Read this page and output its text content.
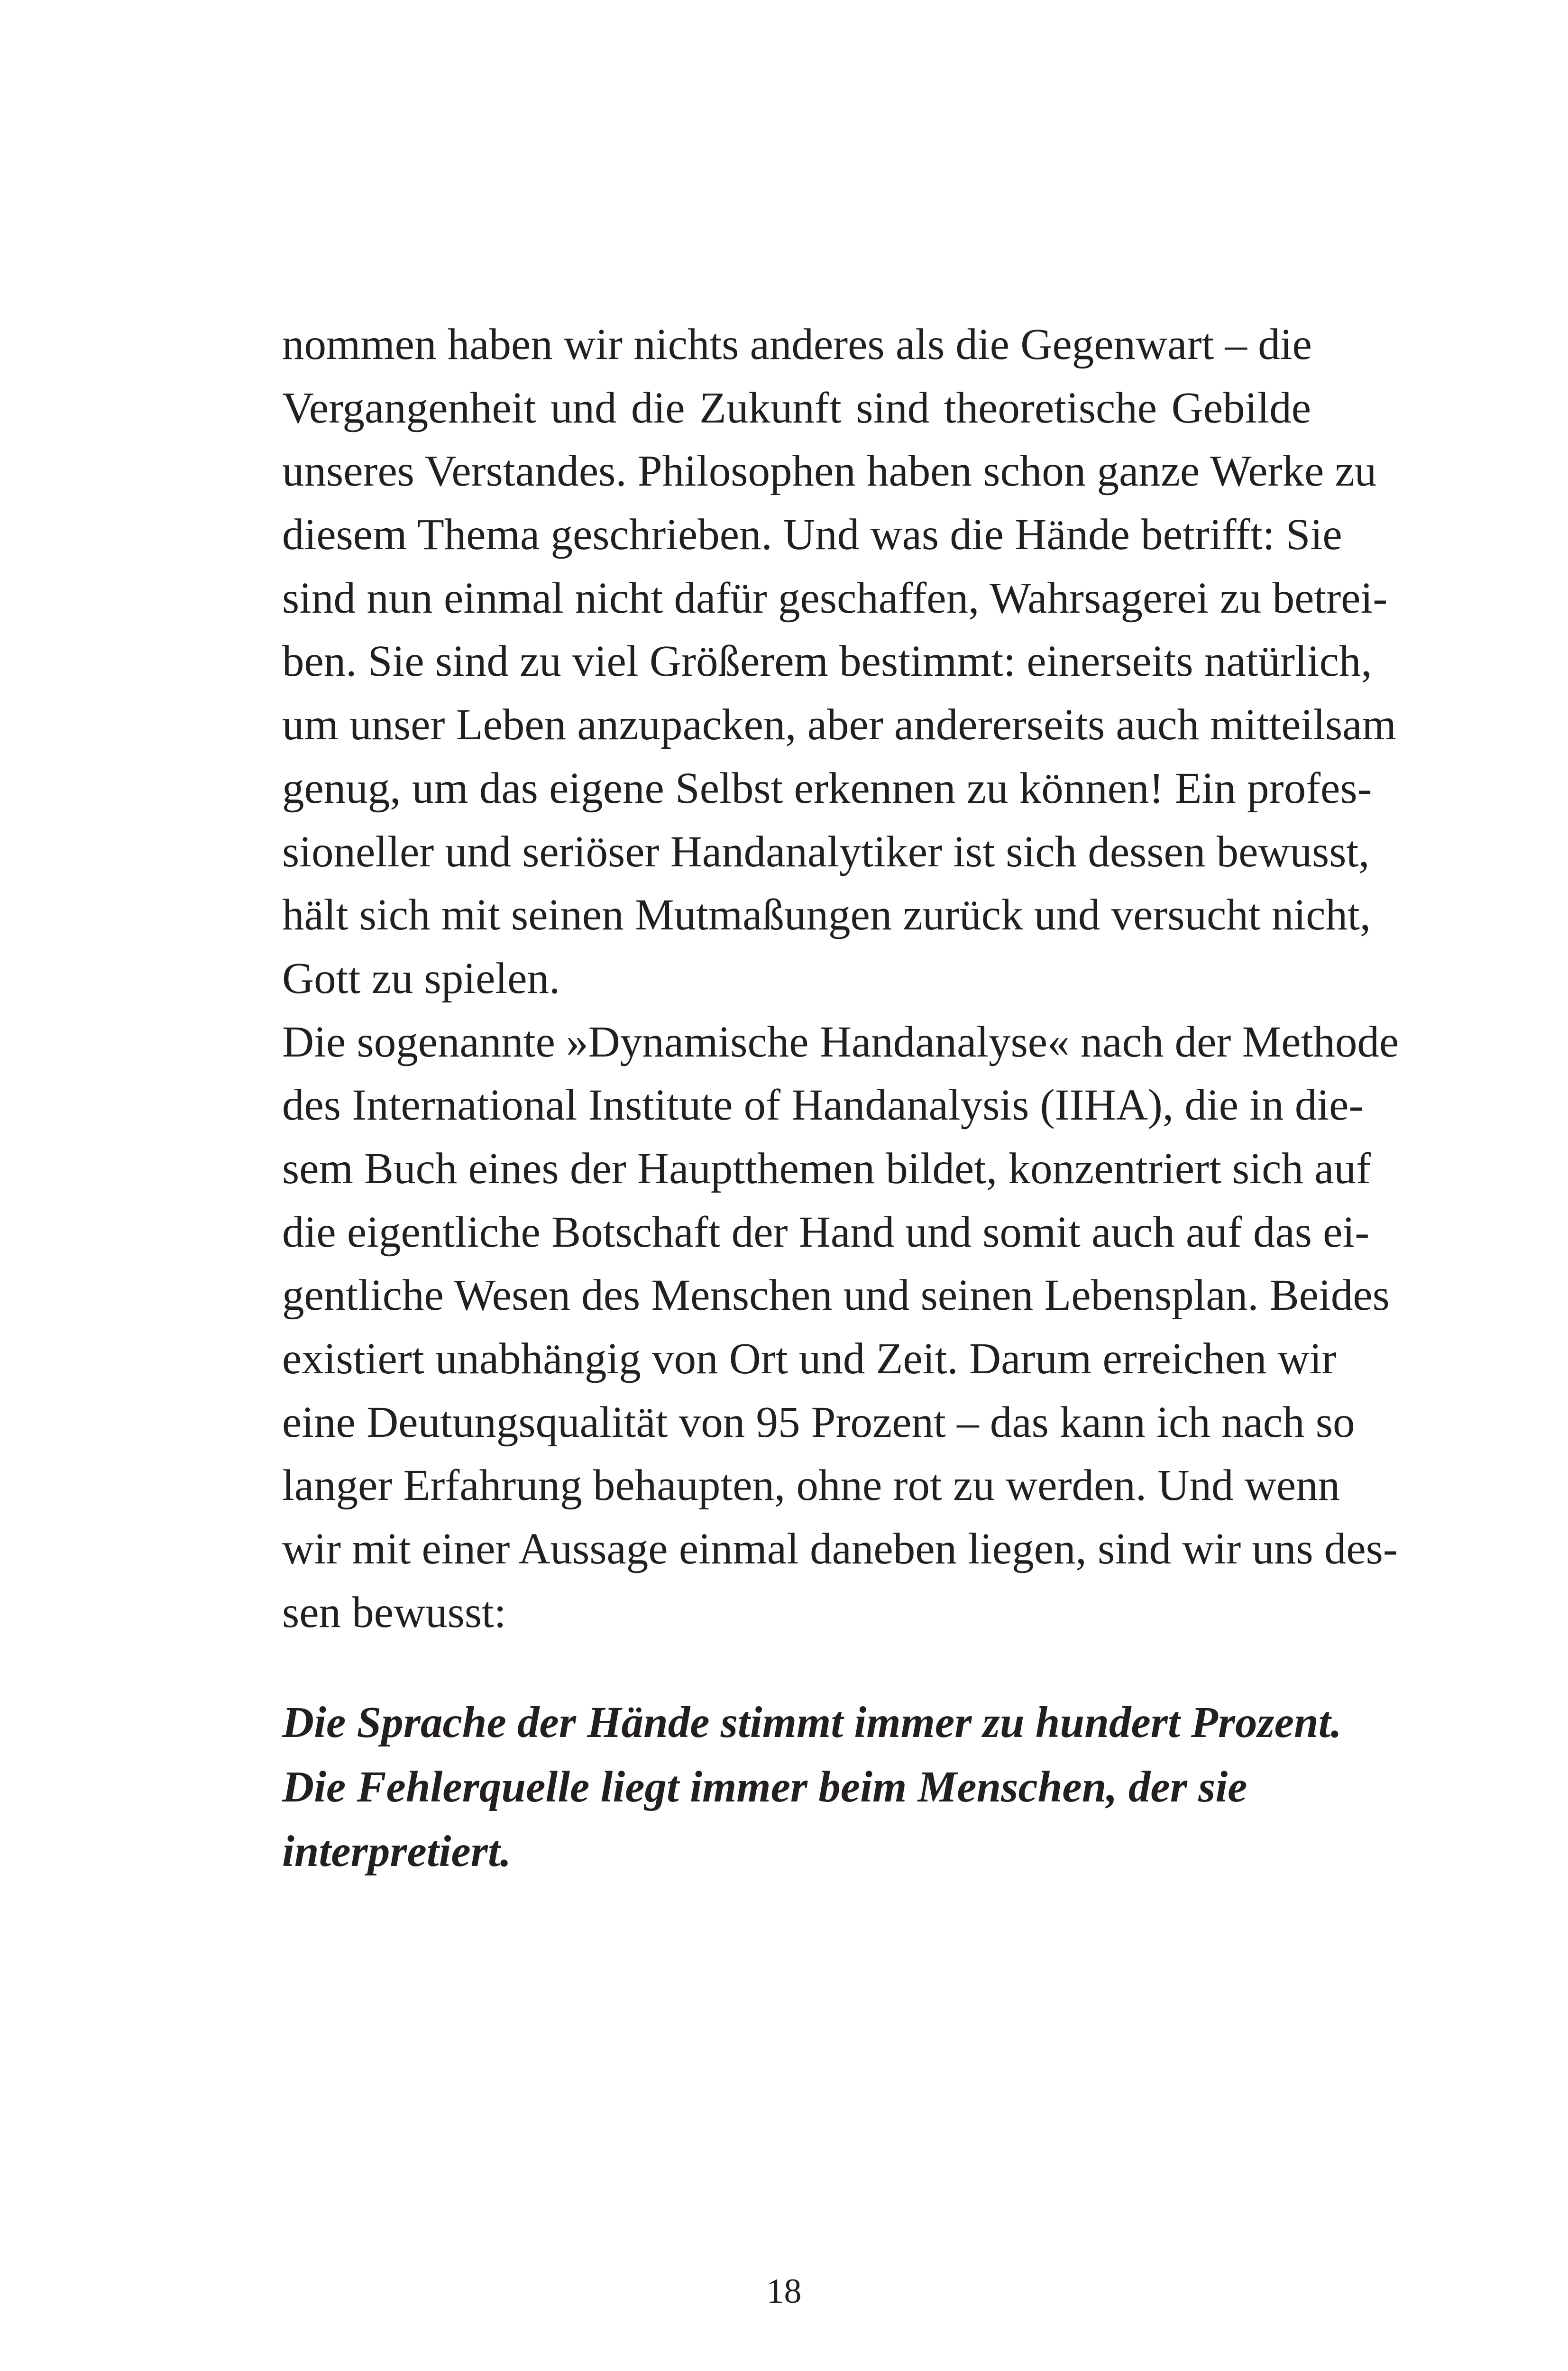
nommen haben wir nichts anderes als die Gegenwart – die
Vergangenheit und die Zukunft sind theoretische Gebilde
unseres Verstandes. Philosophen haben schon ganze Werke zu
diesem Thema geschrieben. Und was die Hände betrifft: Sie
sind nun einmal nicht dafür geschaffen, Wahrsagerei zu betrei-
ben. Sie sind zu viel Größerem bestimmt: einerseits natürlich,
um unser Leben anzupacken, aber andererseits auch mitteilsam
genug, um das eigene Selbst erkennen zu können! Ein profes-
sioneller und seriöser Handanalytiker ist sich dessen bewusst,
hält sich mit seinen Mutmaßungen zurück und versucht nicht,
Gott zu spielen.
Die sogenannte »Dynamische Handanalyse« nach der Methode
des International Institute of Handanalysis (IIHA), die in die-
sem Buch eines der Hauptthemen bildet, konzentriert sich auf
die eigentliche Botschaft der Hand und somit auch auf das ei-
gentliche Wesen des Menschen und seinen Lebensplan. Beides
existiert unabhängig von Ort und Zeit. Darum erreichen wir
eine Deutungsqualität von 95 Prozent – das kann ich nach so
langer Erfahrung behaupten, ohne rot zu werden. Und wenn
wir mit einer Aussage einmal daneben liegen, sind wir uns des-
sen bewusst:
Die Sprache der Hände stimmt immer zu hundert Prozent.
Die Fehlerquelle liegt immer beim Menschen, der sie
interpretiert.
18
